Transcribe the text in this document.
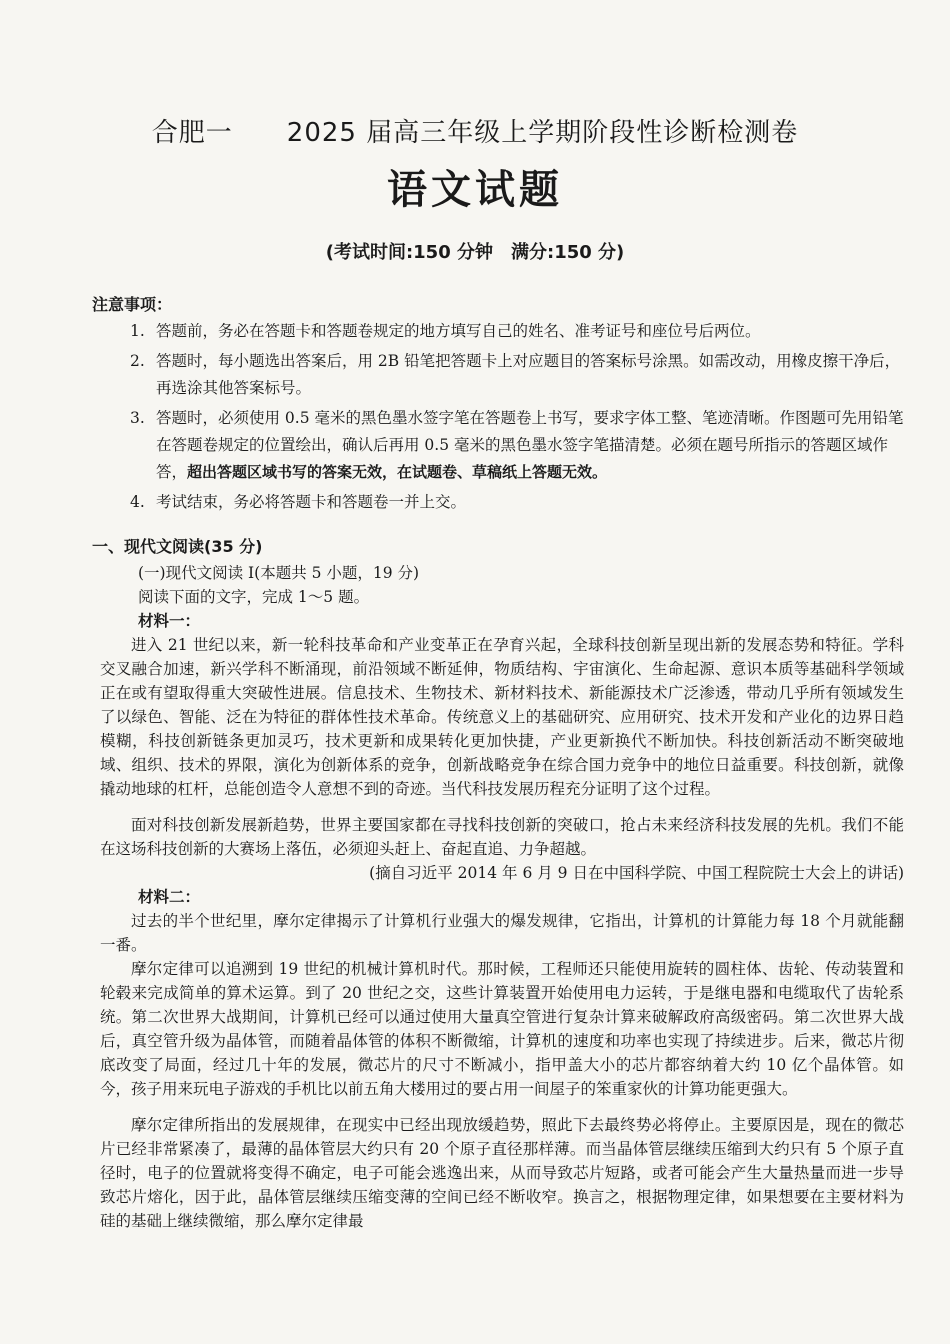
合肥一　　2025 届高三年级上学期阶段性诊断检测卷
语文试题
(考试时间:150 分钟　满分:150 分)
注意事项：
1. 答题前，务必在答题卡和答题卷规定的地方填写自己的姓名、准考证号和座位号后两位。
2. 答题时，每小题选出答案后，用 2B 铅笔把答题卡上对应题目的答案标号涂黑。如需改动，用橡皮擦干净后，再选涂其他答案标号。
3. 答题时，必须使用 0.5 毫米的黑色墨水签字笔在答题卷上书写，要求字体工整、笔迹清晰。作图题可先用铅笔在答题卷规定的位置绘出，确认后再用 0.5 毫米的黑色墨水签字笔描清楚。必须在题号所指示的答题区域作答，超出答题区域书写的答案无效，在试题卷、草稿纸上答题无效。
4. 考试结束，务必将答题卡和答题卷一并上交。
一、现代文阅读(35 分)
(一)现代文阅读 I(本题共 5 小题，19 分)
阅读下面的文字，完成 1～5 题。
材料一：
进入 21 世纪以来，新一轮科技革命和产业变革正在孕育兴起，全球科技创新呈现出新的发展态势和特征。学科交叉融合加速，新兴学科不断涌现，前沿领域不断延伸，物质结构、宇宙演化、生命起源、意识本质等基础科学领域正在或有望取得重大突破性进展。信息技术、生物技术、新材料技术、新能源技术广泛渗透，带动几乎所有领域发生了以绿色、智能、泛在为特征的群体性技术革命。传统意义上的基础研究、应用研究、技术开发和产业化的边界日趋模糊，科技创新链条更加灵巧，技术更新和成果转化更加快捷，产业更新换代不断加快。科技创新活动不断突破地域、组织、技术的界限，演化为创新体系的竞争，创新战略竞争在综合国力竞争中的地位日益重要。科技创新，就像撬动地球的杠杆，总能创造令人意想不到的奇迹。当代科技发展历程充分证明了这个过程。
面对科技创新发展新趋势，世界主要国家都在寻找科技创新的突破口，抢占未来经济科技发展的先机。我们不能在这场科技创新的大赛场上落伍，必须迎头赶上、奋起直追、力争超越。
(摘自习近平 2014 年 6 月 9 日在中国科学院、中国工程院院士大会上的讲话)
材料二：
过去的半个世纪里，摩尔定律揭示了计算机行业强大的爆发规律，它指出，计算机的计算能力每 18 个月就能翻一番。
摩尔定律可以追溯到 19 世纪的机械计算机时代。那时候，工程师还只能使用旋转的圆柱体、齿轮、传动装置和轮毂来完成简单的算术运算。到了 20 世纪之交，这些计算装置开始使用电力运转，于是继电器和电缆取代了齿轮系统。第二次世界大战期间，计算机已经可以通过使用大量真空管进行复杂计算来破解政府高级密码。第二次世界大战后，真空管升级为晶体管，而随着晶体管的体积不断微缩，计算机的速度和功率也实现了持续进步。后来，微芯片彻底改变了局面，经过几十年的发展，微芯片的尺寸不断减小，指甲盖大小的芯片都容纳着大约 10 亿个晶体管。如今，孩子用来玩电子游戏的手机比以前五角大楼用过的要占用一间屋子的笨重家伙的计算功能更强大。
摩尔定律所指出的发展规律，在现实中已经出现放缓趋势，照此下去最终势必将停止。主要原因是，现在的微芯片已经非常紧凑了，最薄的晶体管层大约只有 20 个原子直径那样薄。而当晶体管层继续压缩到大约只有 5 个原子直径时，电子的位置就将变得不确定，电子可能会逃逸出来，从而导致芯片短路，或者可能会产生大量热量而进一步导致芯片熔化，因于此，晶体管层继续压缩变薄的空间已经不断收窄。换言之，根据物理定律，如果想要在主要材料为硅的基础上继续微缩，那么摩尔定律最
